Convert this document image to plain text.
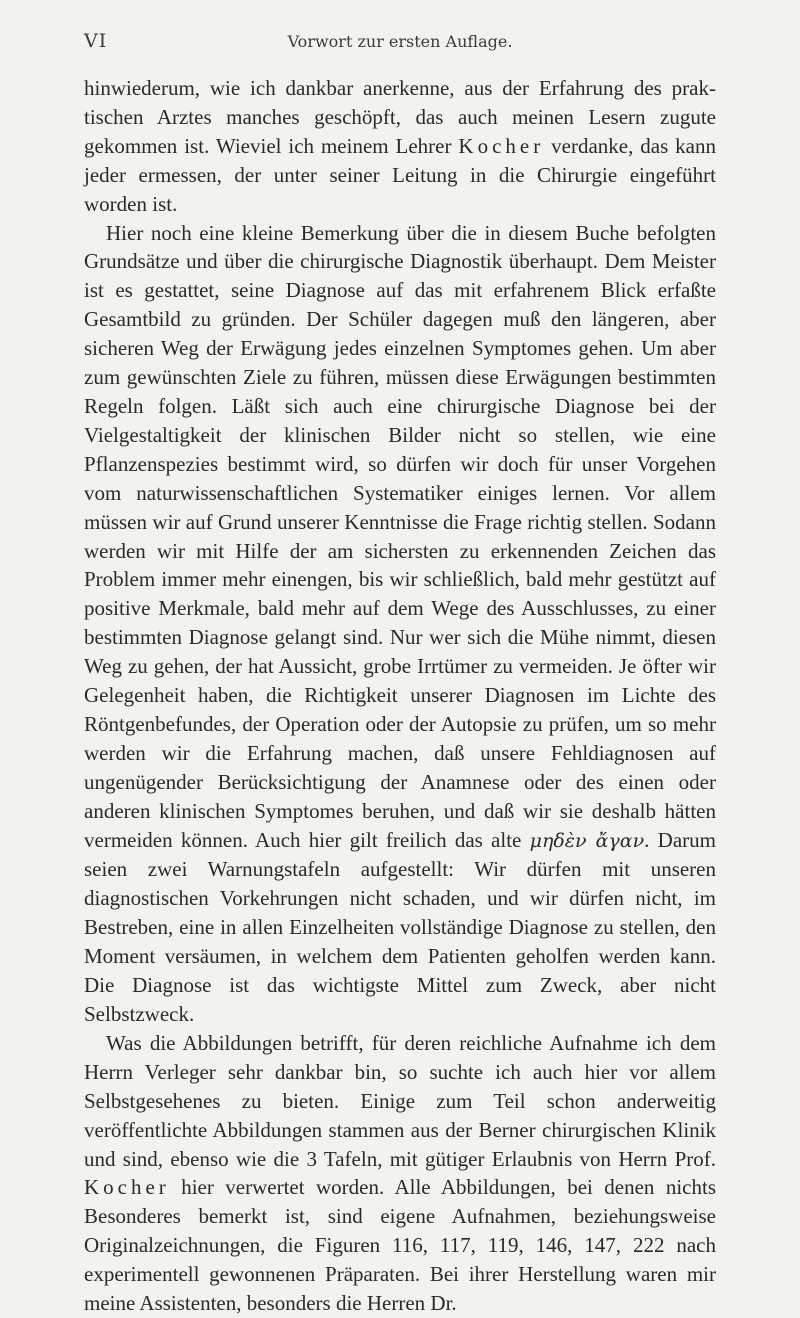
VI	Vorwort zur ersten Auflage.

hinwiederum, wie ich dankbar anerkenne, aus der Erfahrung des praktischen Arztes manches geschöpft, das auch meinen Lesern zugute gekommen ist. Wieviel ich meinem Lehrer Kocher verdanke, das kann jeder ermessen, der unter seiner Leitung in die Chirurgie eingeführt worden ist.

Hier noch eine kleine Bemerkung über die in diesem Buche befolgten Grundsätze und über die chirurgische Diagnostik überhaupt. Dem Meister ist es gestattet, seine Diagnose auf das mit erfahrenem Blick erfaßte Gesamtbild zu gründen. Der Schüler dagegen muß den längeren, aber sicheren Weg der Erwägung jedes einzelnen Symptomes gehen. Um aber zum gewünschten Ziele zu führen, müssen diese Erwägungen bestimmten Regeln folgen. Läßt sich auch eine chirurgische Diagnose bei der Vielgestaltigkeit der klinischen Bilder nicht so stellen, wie eine Pflanzenspezies bestimmt wird, so dürfen wir doch für unser Vorgehen vom naturwissenschaftlichen Systematiker einiges lernen. Vor allem müssen wir auf Grund unserer Kenntnisse die Frage richtig stellen. Sodann werden wir mit Hilfe der am sichersten zu erkennenden Zeichen das Problem immer mehr einengen, bis wir schließlich, bald mehr gestützt auf positive Merkmale, bald mehr auf dem Wege des Ausschlusses, zu einer bestimmten Diagnose gelangt sind. Nur wer sich die Mühe nimmt, diesen Weg zu gehen, der hat Aussicht, grobe Irrtümer zu vermeiden. Je öfter wir Gelegenheit haben, die Richtigkeit unserer Diagnosen im Lichte des Röntgenbefundes, der Operation oder der Autopsie zu prüfen, um so mehr werden wir die Erfahrung machen, daß unsere Fehldiagnosen auf ungenügender Berücksichtigung der Anamnese oder des einen oder anderen klinischen Symptomes beruhen, und daß wir sie deshalb hätten vermeiden können. Auch hier gilt freilich das alte μηδὲν ἄγαν. Darum seien zwei Warnungstafeln aufgestellt: Wir dürfen mit unseren diagnostischen Vorkehrungen nicht schaden, und wir dürfen nicht, im Bestreben, eine in allen Einzelheiten vollständige Diagnose zu stellen, den Moment versäumen, in welchem dem Patienten geholfen werden kann. Die Diagnose ist das wichtigste Mittel zum Zweck, aber nicht Selbstzweck.

Was die Abbildungen betrifft, für deren reichliche Aufnahme ich dem Herrn Verleger sehr dankbar bin, so suchte ich auch hier vor allem Selbstgesehenes zu bieten. Einige zum Teil schon anderweitig veröffentlichte Abbildungen stammen aus der Berner chirurgischen Klinik und sind, ebenso wie die 3 Tafeln, mit gütiger Erlaubnis von Herrn Prof. Kocher hier verwertet worden. Alle Abbildungen, bei denen nichts Besonderes bemerkt ist, sind eigene Aufnahmen, beziehungsweise Originalzeichnungen, die Figuren 116, 117, 119, 146, 147, 222 nach experimentell gewonnenen Präparaten. Bei ihrer Herstellung waren mir meine Assistenten, besonders die Herren Dr.
